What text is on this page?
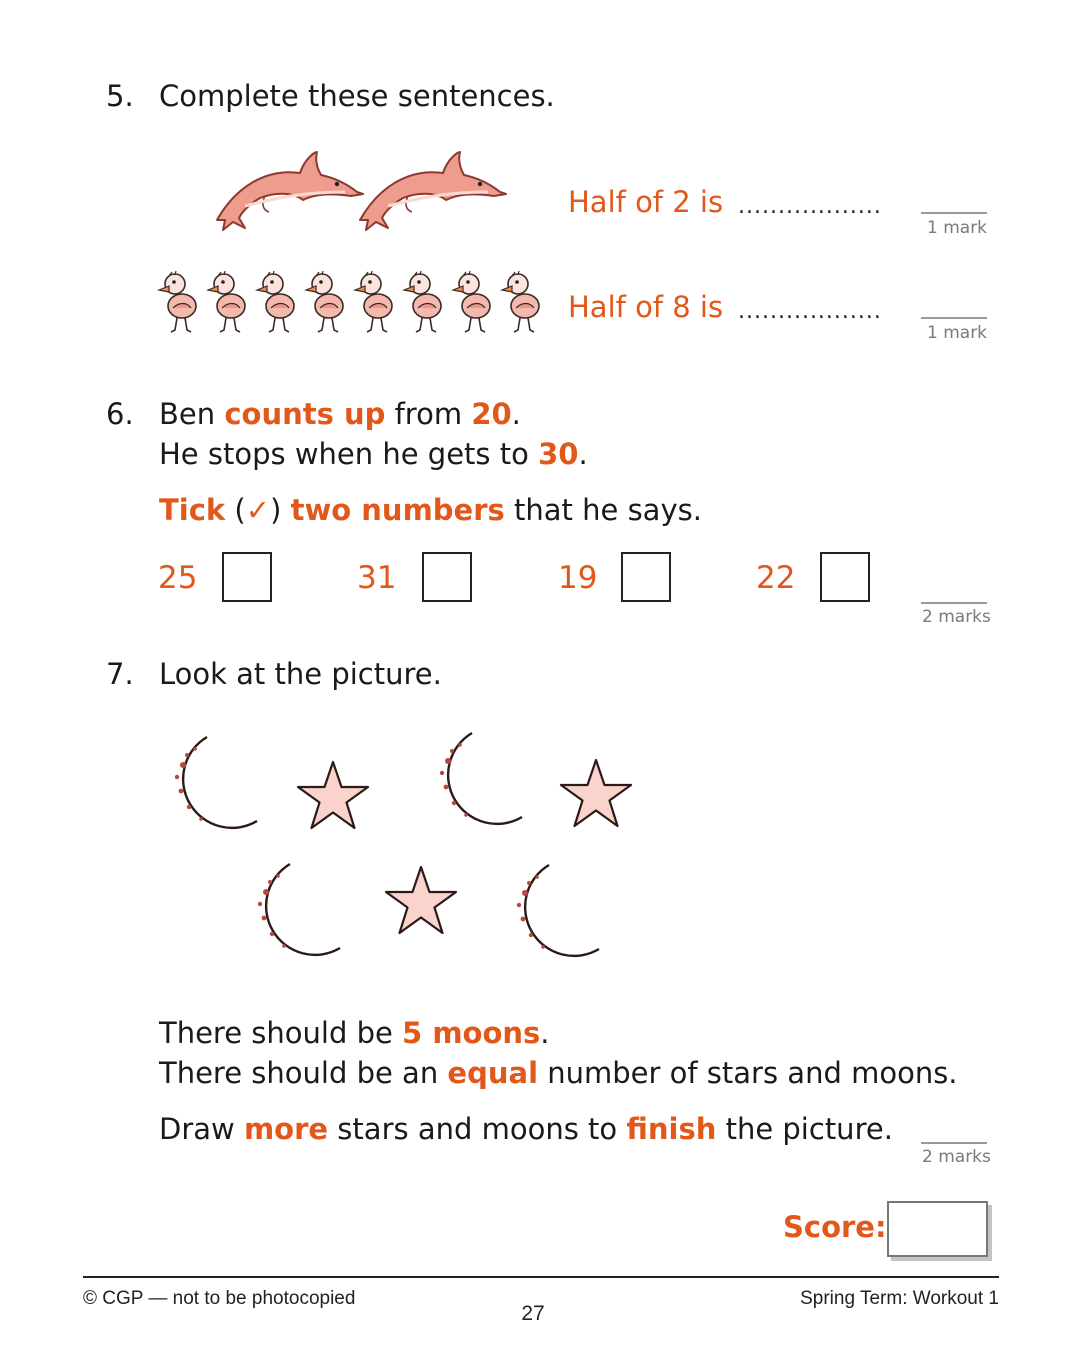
5. Complete these sentences.
Half of 2 is ..................
1 mark
Half of 8 is ..................
1 mark
6. Ben counts up from 20.
He stops when he gets to 30.
Tick (✓) two numbers that he says.
25	31	19	22
2 marks
7. Look at the picture.
There should be 5 moons.
There should be an equal number of stars and moons.
Draw more stars and moons to finish the picture.
2 marks
Score:
© CGP — not to be photocopied
27
Spring Term: Workout 1
